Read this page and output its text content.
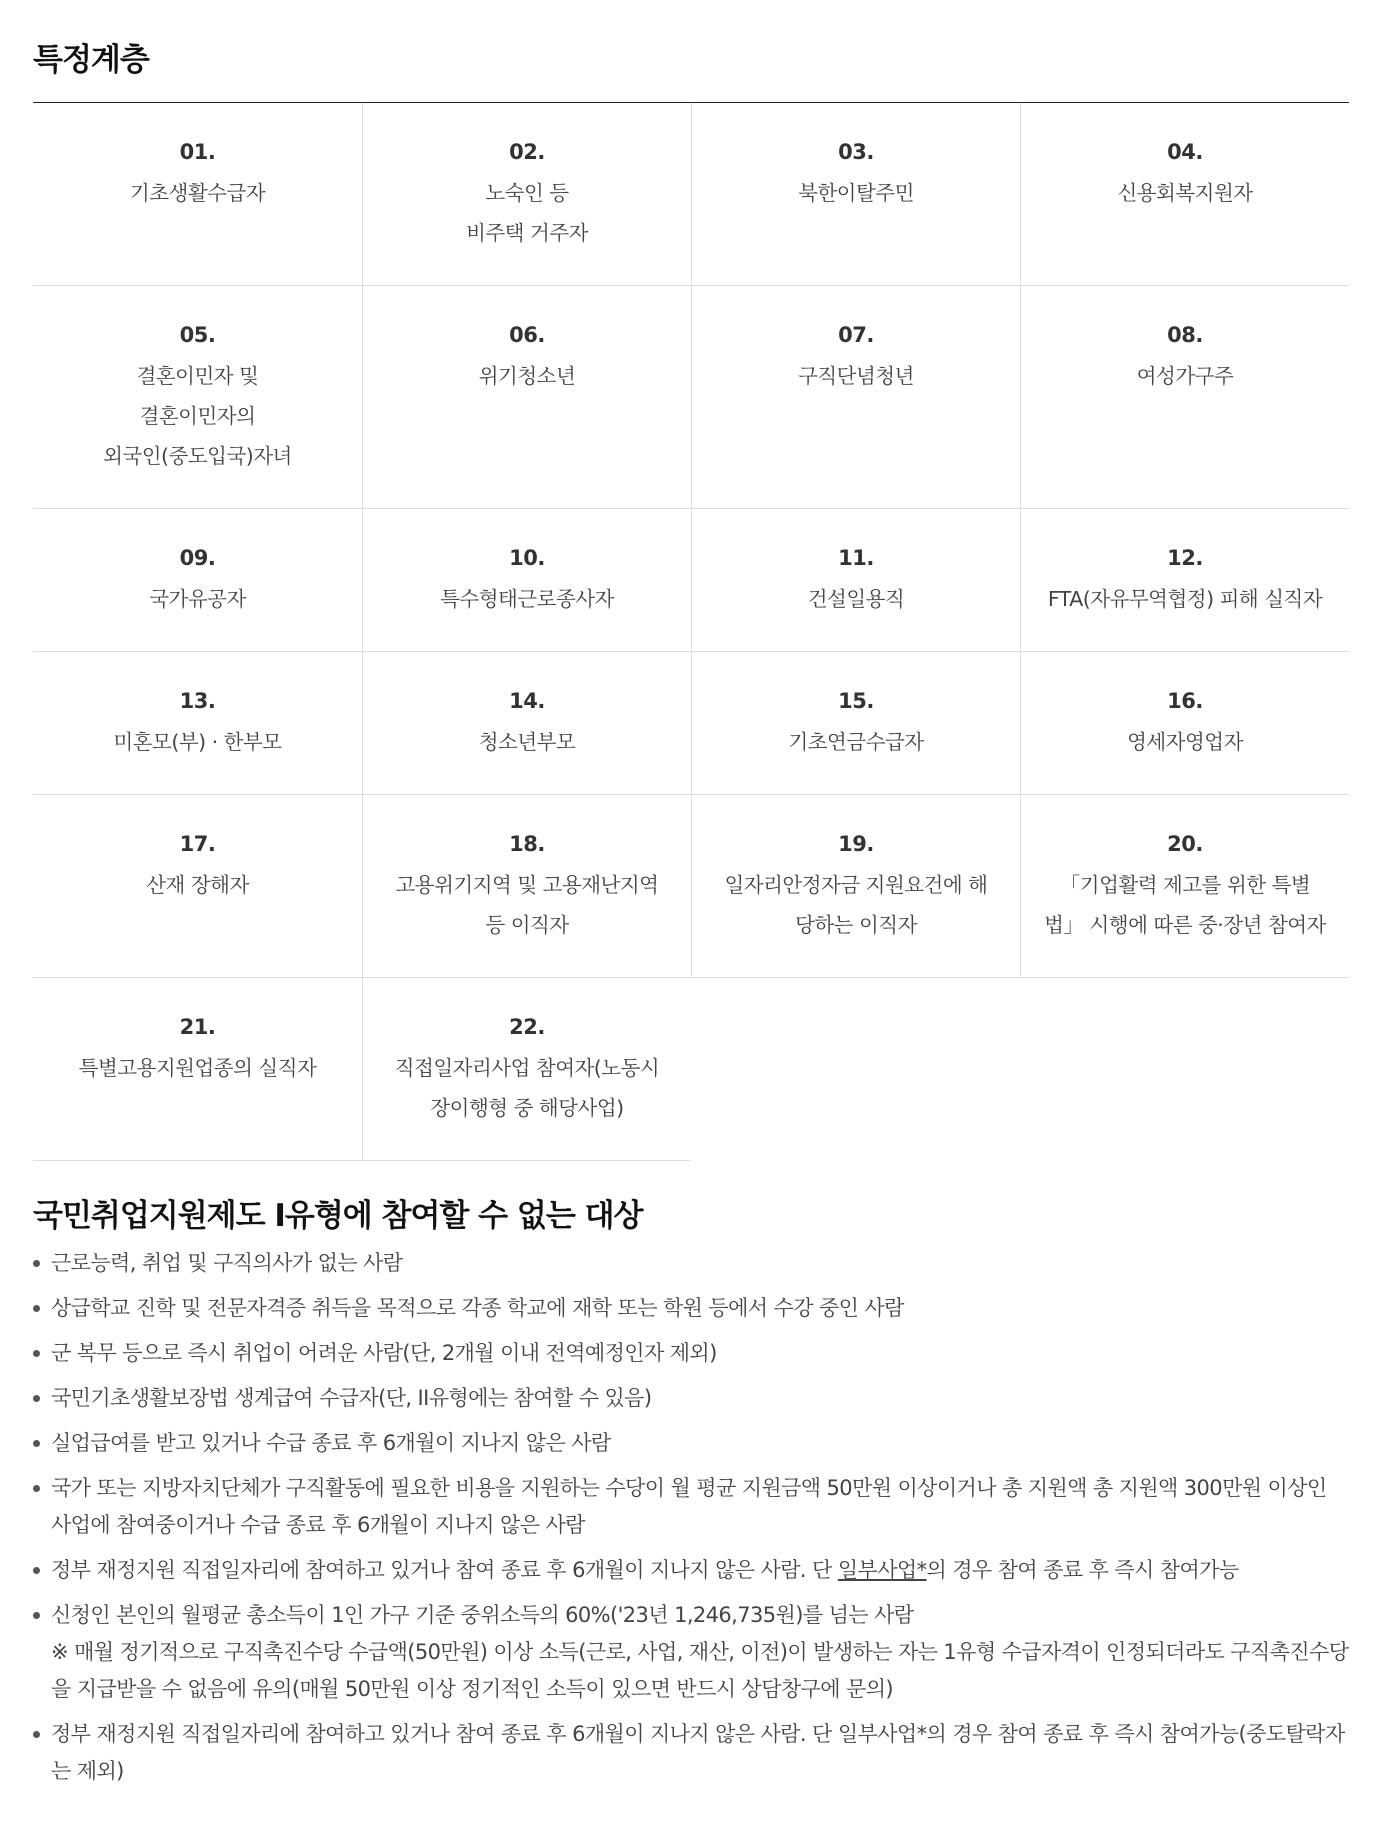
특정계층
01.
기초생활수급자
02.
노숙인 등
비주택 거주자
03.
북한이탈주민
04.
신용회복지원자
05.
결혼이민자 및
결혼이민자의
외국인(중도입국)자녀
06.
위기청소년
07.
구직단념청년
08.
여성가구주
09.
국가유공자
10.
특수형태근로종사자
11.
건설일용직
12.
FTA(자유무역협정) 피해 실직자
13.
미혼모(부) · 한부모
14.
청소년부모
15.
기초연금수급자
16.
영세자영업자
17.
산재 장해자
18.
고용위기지역 및 고용재난지역
등 이직자
19.
일자리안정자금 지원요건에 해
당하는 이직자
20.
「기업활력 제고를 위한 특별
법」 시행에 따른 중·장년 참여자
21.
특별고용지원업종의 실직자
22.
직접일자리사업 참여자(노동시
장이행형 중 해당사업)
국민취업지원제도 I유형에 참여할 수 없는 대상
근로능력, 취업 및 구직의사가 없는 사람
상급학교 진학 및 전문자격증 취득을 목적으로 각종 학교에 재학 또는 학원 등에서 수강 중인 사람
군 복무 등으로 즉시 취업이 어려운 사람(단, 2개월 이내 전역예정인자 제외)
국민기초생활보장법 생계급여 수급자(단, II유형에는 참여할 수 있음)
실업급여를 받고 있거나 수급 종료 후 6개월이 지나지 않은 사람
국가 또는 지방자치단체가 구직활동에 필요한 비용을 지원하는 수당이 월 평균 지원금액 50만원 이상이거나 총 지원액 총 지원액 300만원 이상인 사업에 참여중이거나 수급 종료 후 6개월이 지나지 않은 사람
정부 재정지원 직접일자리에 참여하고 있거나 참여 종료 후 6개월이 지나지 않은 사람. 단 일부사업*의 경우 참여 종료 후 즉시 참여가능
신청인 본인의 월평균 총소득이 1인 가구 기준 중위소득의 60%('23년 1,246,735원)를 넘는 사람
※ 매월 정기적으로 구직촉진수당 수급액(50만원) 이상 소득(근로, 사업, 재산, 이전)이 발생하는 자는 1유형 수급자격이 인정되더라도 구직촉진수당을 지급받을 수 없음에 유의(매월 50만원 이상 정기적인 소득이 있으면 반드시 상담창구에 문의)
정부 재정지원 직접일자리에 참여하고 있거나 참여 종료 후 6개월이 지나지 않은 사람. 단 일부사업*의 경우 참여 종료 후 즉시 참여가능(중도탈락자는 제외)
